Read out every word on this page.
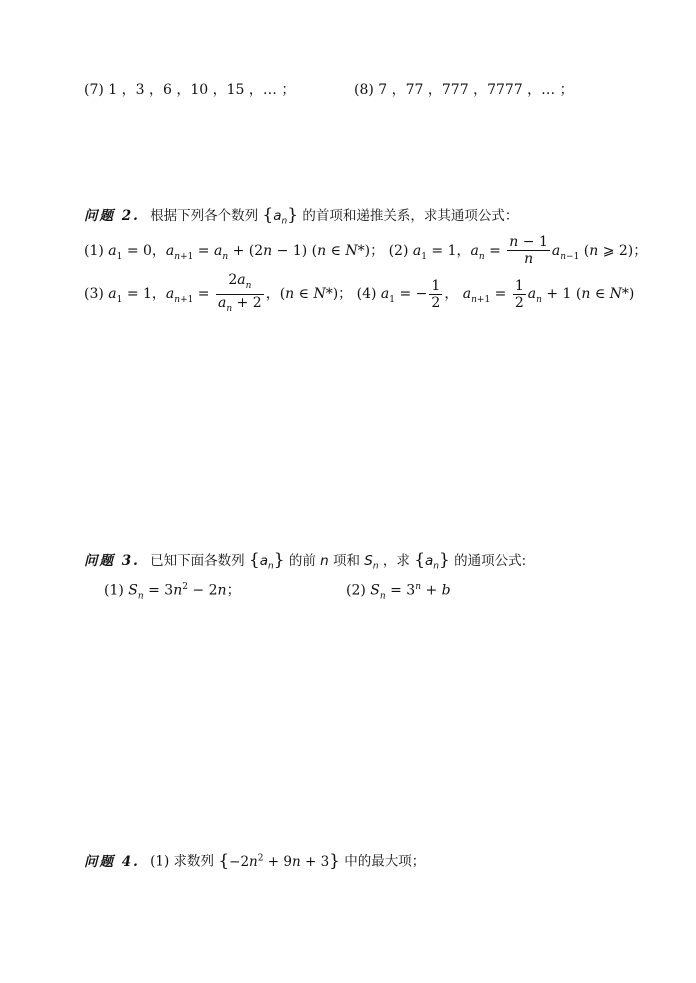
(7) 1 ，3 ，6 ，10 ，15 ，… ；	(8) 7 ，77 ，777 ，7777 ，… ；
问题 2. 根据下列各个数列 $\{a_n\}$ 的首项和递推关系，求其通项公式：
(1) $a_1 = 0$，$a_{n+1} = a_n + (2n - 1)$ (n ∈ N*)； (2) $a_1 = 1$，$a_n = \frac{n - 1}{n} a_{n-1}$ (n ⩾ 2)；
(3) $a_1 = 1$，$a_{n+1} = \frac{2a_n}{a_n + 2}$ ，(n ∈ N*)； (4) $a_1$ = − $\frac{1}{2}$ ， $a_{n+1} = \frac{1}{2} a_n + 1$ (n ∈ N*)
问题 3. 已知下面各数列 $\{a_n\}$ 的前 n 项和 $S_n$ ，求 $\{a_n\}$ 的通项公式:
(1) $S_n = 3n^2 - 2n$；	(2) $S_n = 3^n + b$
问题 4. (1) 求数列 $\{-2n^2 + 9n + 3\}$ 中的最大项；
